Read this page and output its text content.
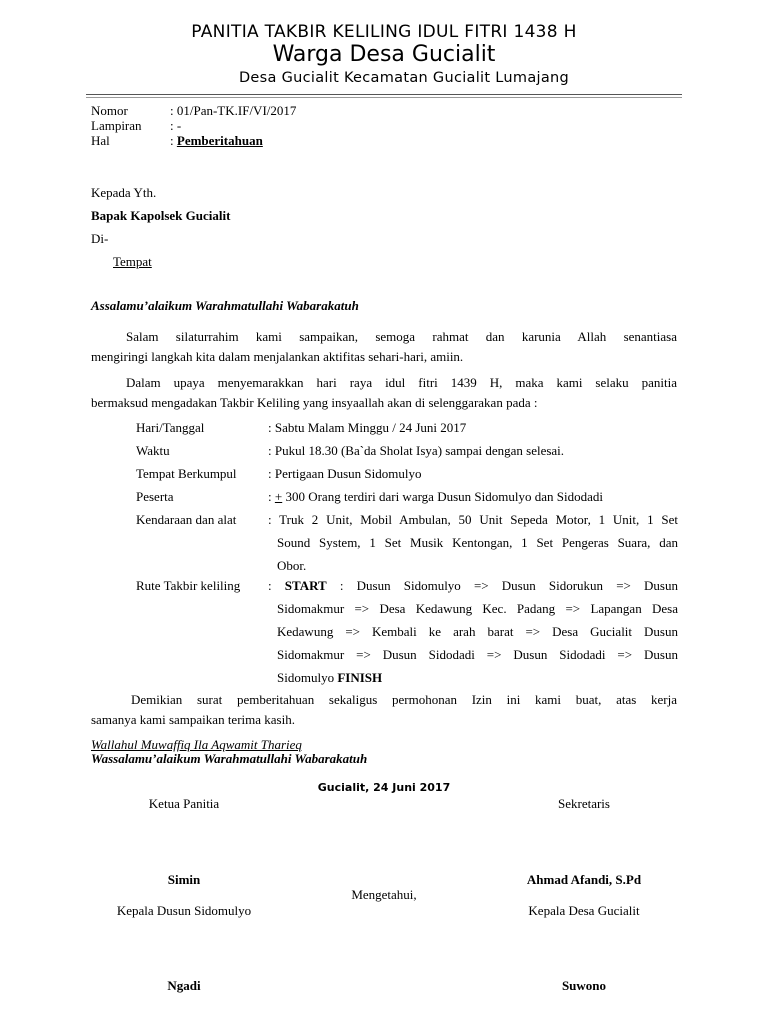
PANITIA TAKBIR KELILING IDUL FITRI 1438 H
Warga Desa Gucialit
Desa Gucialit Kecamatan Gucialit Lumajang
Nomor	: 01/Pan-TK.IF/VI/2017
Lampiran : -
Hal	: Pemberitahuan
Kepada Yth.
Bapak Kapolsek Gucialit
Di-
Tempat
Assalamu’alaikum Warahmatullahi Wabarakatuh
Salam silaturrahim kami sampaikan, semoga rahmat dan karunia Allah senantiasa
mengiringi langkah kita dalam menjalankan aktifitas sehari-hari, amiin.
Dalam upaya menyemarakkan hari raya idul fitri 1439 H, maka kami selaku panitia
bermaksud mengadakan Takbir Keliling yang insyaallah akan di selenggarakan pada :
Hari/Tanggal	: Sabtu Malam Minggu / 24 Juni 2017
Waktu	: Pukul 18.30 (Ba`da Sholat Isya) sampai dengan selesai.
Tempat Berkumpul : Pertigaan Dusun Sidomulyo
Peserta	: + 300 Orang terdiri dari warga Dusun Sidomulyo dan Sidodadi
Kendaraan dan alat : Truk 2 Unit, Mobil Ambulan, 50 Unit Sepeda Motor, 1 Unit, 1 Set
Sound System, 1 Set Musik Kentongan, 1 Set Pengeras Suara, dan
Obor.
Rute Takbir keliling : START : Dusun Sidomulyo => Dusun Sidorukun => Dusun
Sidomakmur => Desa Kedawung Kec. Padang => Lapangan Desa
Kedawung => Kembali ke arah barat => Desa Gucialit Dusun
Sidomakmur => Dusun Sidodadi => Dusun Sidodadi => Dusun
Sidomulyo FINISH
Demikian surat pemberitahuan sekaligus permohonan Izin ini kami buat, atas kerja
samanya kami sampaikan terima kasih.
Wallahul Muwaffiq Ila Aqwamit Tharieq
Wassalamu’alaikum Warahmatullahi Wabarakatuh
Gucialit, 24 Juni 2017
Ketua Panitia	Sekretaris
Simin	Ahmad Afandi, S.Pd
Mengetahui,
Kepala Dusun Sidomulyo	Kepala Desa Gucialit
Ngadi	Suwono
